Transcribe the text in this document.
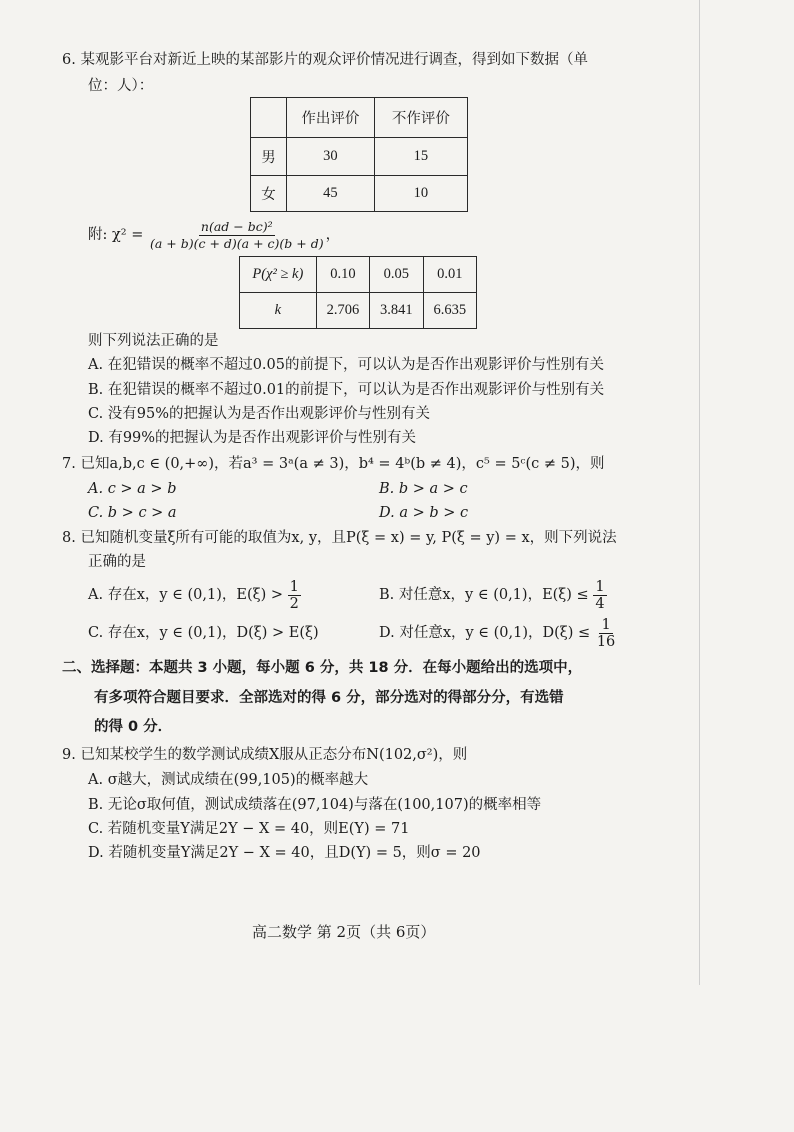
6. 某观影平台对新近上映的某部影片的观众评价情况进行调查，得到如下数据（单
位：人）：
	作出评价	不作评价
男	30	15
女	45	10
附: $\chi^2 = \frac{\text{n(ad − bc)²}}{(a + b)(c + d)(a + c)(b + d)}$ ，
P(χ² ≥ k)	0.10	0.05	0.01
k	2.706	3.841	6.635
则下列说法正确的是
A. 在犯错误的概率不超过0.05的前提下，可以认为是否作出观影评价与性别有关
B. 在犯错误的概率不超过0.01的前提下，可以认为是否作出观影评价与性别有关
C. 没有95%的把握认为是否作出观影评价与性别有关
D. 有99%的把握认为是否作出观影评价与性别有关
7. 已知a,b,c ∈ (0,+∞)，若a³ = 3ᵃ(a ≠ 3)，b⁴ = 4ᵇ(b ≠ 4)，c⁵ = 5ᶜ(c ≠ 5)，则
A. c > a > b	B. b > a > c
C. b > c > a	D. a > b > c
8. 已知随机变量ξ所有可能的取值为x, y，且P(ξ = x) = y, P(ξ = y) = x，则下列说法
正确的是
A. 存在x，y ∈ (0,1)，$E(\xi) > \frac{1}{2}$	B. 对任意x，y ∈ (0,1)，$E(\xi) \le \frac{1}{4}$
C. 存在x，y ∈ (0,1)，D(ξ) > E(ξ)	D. 对任意x，y ∈ (0,1)，$D(\xi) \le \frac{1}{16}$
二、选择题：本题共 3 小题，每小题 6 分，共 18 分．在每小题给出的选项中，
有多项符合题目要求．全部选对的得 6 分，部分选对的得部分分，有选错
的得 0 分．
9. 已知某校学生的数学测试成绩X服从正态分布N(102,σ²)，则
A. σ越大，测试成绩在(99,105)的概率越大
B. 无论σ取何值，测试成绩落在(97,104)与落在(100,107)的概率相等
C. 若随机变量Y满足2Y − X = 40，则E(Y) = 71
D. 若随机变量Y满足2Y − X = 40，且D(Y) = 5，则σ = 20
高二数学 第 2页（共 6页）
